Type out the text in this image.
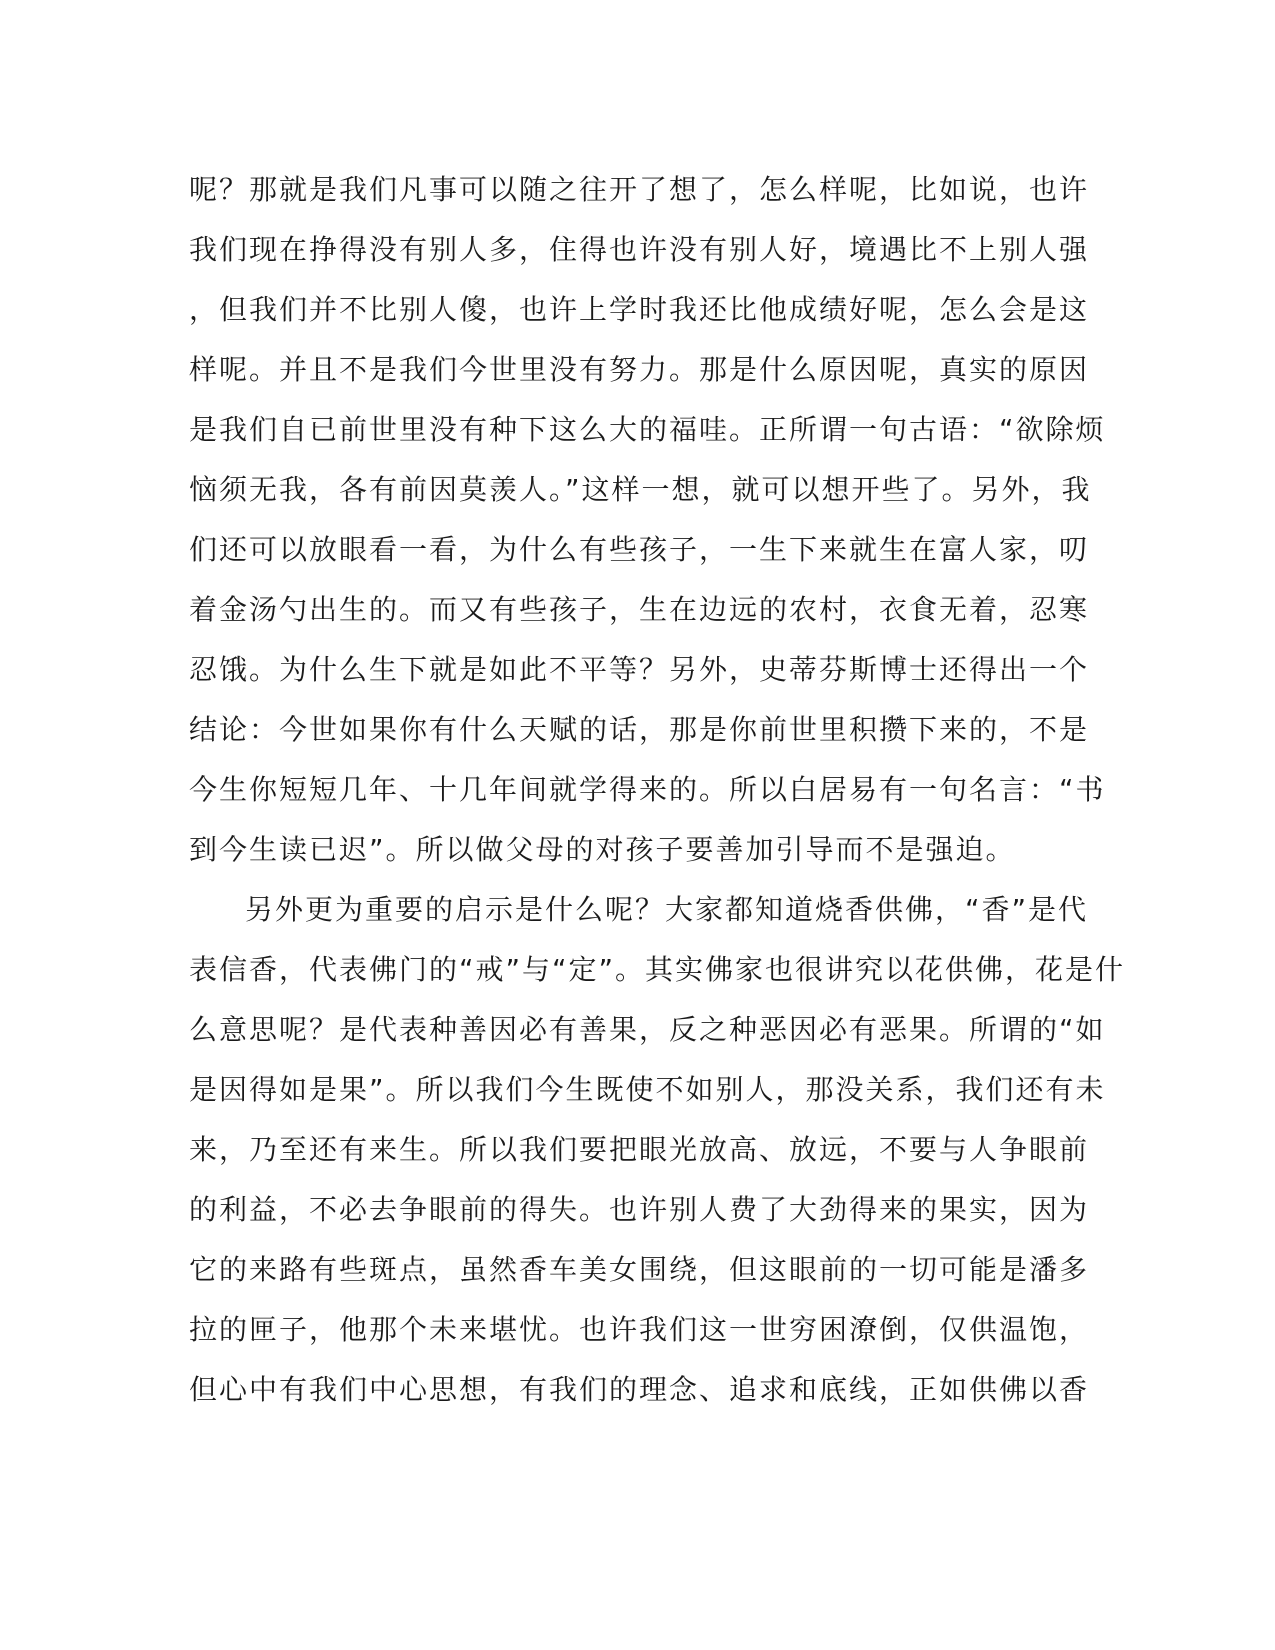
呢？那就是我们凡事可以随之往开了想了，怎么样呢，比如说，也许
我们现在挣得没有别人多，住得也许没有别人好，境遇比不上别人强
，但我们并不比别人傻，也许上学时我还比他成绩好呢，怎么会是这
样呢。并且不是我们今世里没有努力。那是什么原因呢，真实的原因
是我们自已前世里没有种下这么大的福哇。正所谓一句古语：“欲除烦
恼须无我，各有前因莫羡人。”这样一想，就可以想开些了。另外，我
们还可以放眼看一看，为什么有些孩子，一生下来就生在富人家，叨
着金汤勺出生的。而又有些孩子，生在边远的农村，衣食无着，忍寒
忍饿。为什么生下就是如此不平等？另外，史蒂芬斯博士还得出一个
结论：今世如果你有什么天赋的话，那是你前世里积攒下来的，不是
今生你短短几年、十几年间就学得来的。所以白居易有一句名言：“书
到今生读已迟”。所以做父母的对孩子要善加引导而不是强迫。
另外更为重要的启示是什么呢？大家都知道烧香供佛，“香”是代
表信香，代表佛门的“戒”与“定”。其实佛家也很讲究以花供佛，花是什
么意思呢？是代表种善因必有善果，反之种恶因必有恶果。所谓的“如
是因得如是果”。所以我们今生既使不如别人，那没关系，我们还有未
来，乃至还有来生。所以我们要把眼光放高、放远，不要与人争眼前
的利益，不必去争眼前的得失。也许别人费了大劲得来的果实，因为
它的来路有些斑点，虽然香车美女围绕，但这眼前的一切可能是潘多
拉的匣子，他那个未来堪忧。也许我们这一世穷困潦倒，仅供温饱，
但心中有我们中心思想，有我们的理念、追求和底线，正如供佛以香
